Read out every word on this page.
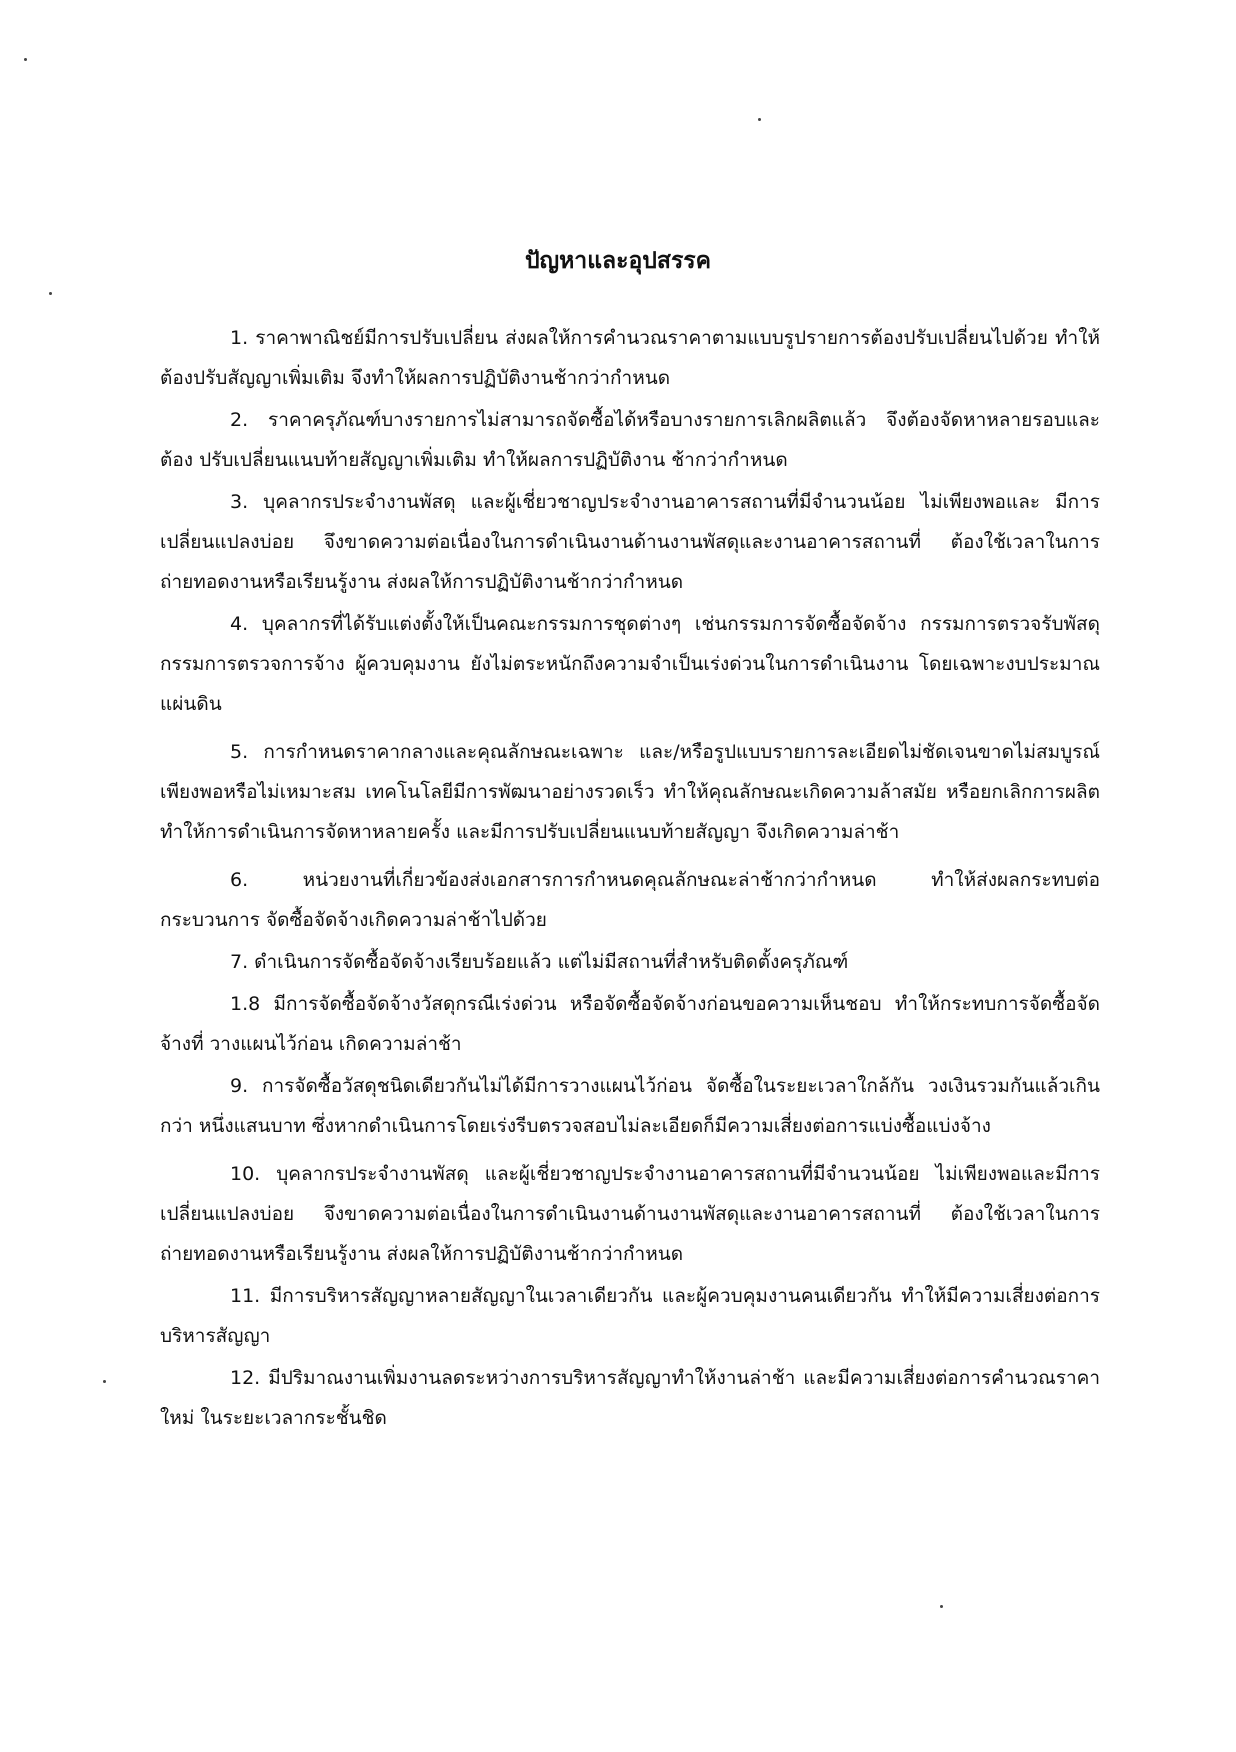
ปัญหาและอุปสรรค

1. ราคาพาณิชย์มีการปรับเปลี่ยน ส่งผลให้การคำนวณราคาตามแบบรูปรายการต้องปรับเปลี่ยนไปด้วย ทำให้ ต้องปรับสัญญาเพิ่มเติม จึงทำให้ผลการปฏิบัติงานช้ากว่ากำหนด

2. ราคาครุภัณฑ์บางรายการไม่สามารถจัดซื้อได้หรือบางรายการเลิกผลิตแล้ว จึงต้องจัดหาหลายรอบและต้อง ปรับเปลี่ยนแนบท้ายสัญญาเพิ่มเติม ทำให้ผลการปฏิบัติงาน ช้ากว่ากำหนด

3. บุคลากรประจำงานพัสดุ และผู้เชี่ยวชาญประจำงานอาคารสถานที่มีจำนวนน้อย ไม่เพียงพอและ มีการเปลี่ยนแปลงบ่อย จึงขาดความต่อเนื่องในการดำเนินงานด้านงานพัสดุและงานอาคารสถานที่ ต้องใช้เวลาในการ ถ่ายทอดงานหรือเรียนรู้งาน ส่งผลให้การปฏิบัติงานช้ากว่ากำหนด

4. บุคลากรที่ได้รับแต่งตั้งให้เป็นคณะกรรมการชุดต่างๆ เช่นกรรมการจัดซื้อจัดจ้าง กรรมการตรวจรับพัสดุ กรรมการตรวจการจ้าง ผู้ควบคุมงาน ยังไม่ตระหนักถึงความจำเป็นเร่งด่วนในการดำเนินงาน โดยเฉพาะงบประมาณ แผ่นดิน

5. การกำหนดราคากลางและคุณลักษณะเฉพาะ และ/หรือรูปแบบรายการละเอียดไม่ชัดเจนขาดไม่สมบูรณ์ เพียงพอหรือไม่เหมาะสม เทคโนโลยีมีการพัฒนาอย่างรวดเร็ว ทำให้คุณลักษณะเกิดความล้าสมัย หรือยกเลิกการผลิต ทำให้การดำเนินการจัดหาหลายครั้ง และมีการปรับเปลี่ยนแนบท้ายสัญญา จึงเกิดความล่าช้า

6. หน่วยงานที่เกี่ยวข้องส่งเอกสารการกำหนดคุณลักษณะล่าช้ากว่ากำหนด ทำให้ส่งผลกระทบต่อกระบวนการ จัดซื้อจัดจ้างเกิดความล่าช้าไปด้วย

7. ดำเนินการจัดซื้อจัดจ้างเรียบร้อยแล้ว แต่ไม่มีสถานที่สำหรับติดตั้งครุภัณฑ์

1.8 มีการจัดซื้อจัดจ้างวัสดุกรณีเร่งด่วน หรือจัดซื้อจัดจ้างก่อนขอความเห็นชอบ ทำให้กระทบการจัดซื้อจัดจ้างที่ วางแผนไว้ก่อน เกิดความล่าช้า

9. การจัดซื้อวัสดุชนิดเดียวกันไม่ได้มีการวางแผนไว้ก่อน จัดซื้อในระยะเวลาใกล้กัน วงเงินรวมกันแล้วเกินกว่า หนึ่งแสนบาท ซึ่งหากดำเนินการโดยเร่งรีบตรวจสอบไม่ละเอียดก็มีความเสี่ยงต่อการแบ่งซื้อแบ่งจ้าง

10. บุคลากรประจำงานพัสดุ และผู้เชี่ยวชาญประจำงานอาคารสถานที่มีจำนวนน้อย ไม่เพียงพอและมีการ เปลี่ยนแปลงบ่อย จึงขาดความต่อเนื่องในการดำเนินงานด้านงานพัสดุและงานอาคารสถานที่ ต้องใช้เวลาในการ ถ่ายทอดงานหรือเรียนรู้งาน ส่งผลให้การปฏิบัติงานช้ากว่ากำหนด

11. มีการบริหารสัญญาหลายสัญญาในเวลาเดียวกัน และผู้ควบคุมงานคนเดียวกัน ทำให้มีความเสี่ยงต่อการ บริหารสัญญา

12. มีปริมาณงานเพิ่มงานลดระหว่างการบริหารสัญญาทำให้งานล่าช้า และมีความเสี่ยงต่อการคำนวณราคา ใหม่ ในระยะเวลากระชั้นชิด
